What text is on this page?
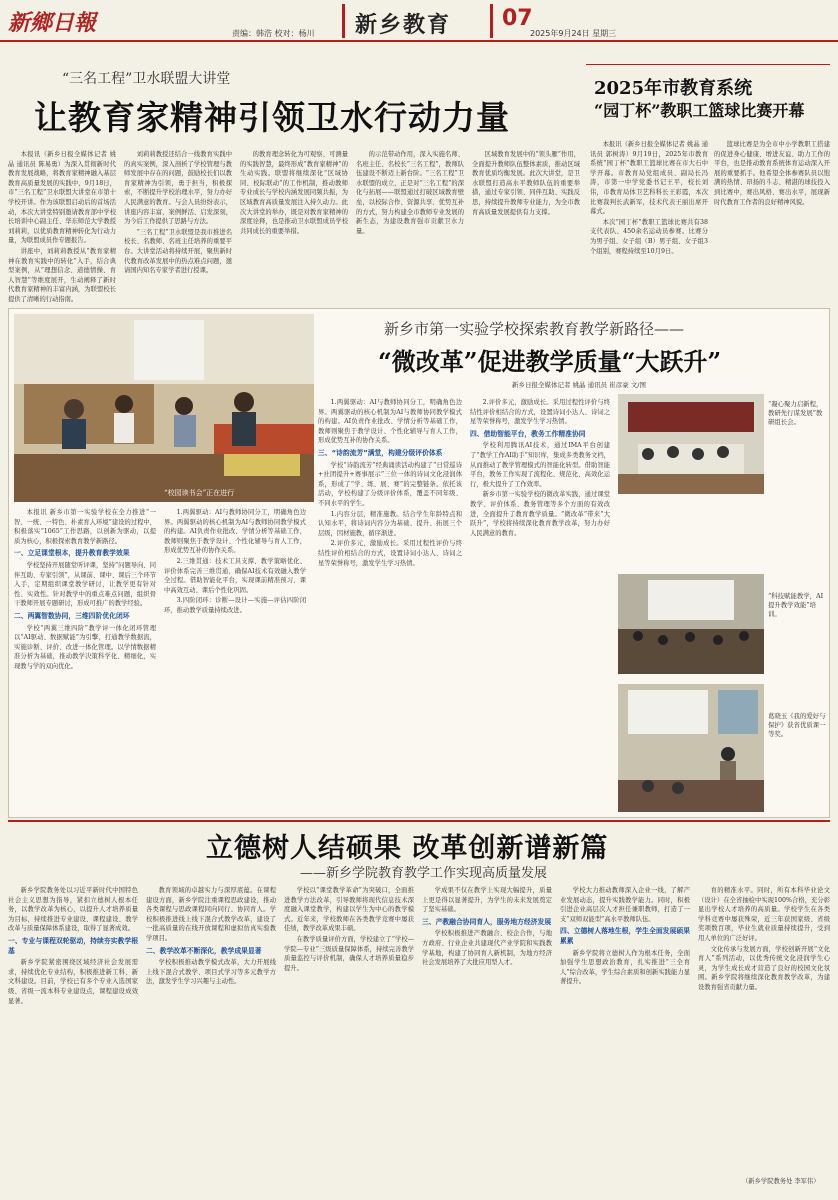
新鄉日報	责编：韩浩 校对：杨川 新乡教育 07
2025年9月24日 星期三
“三名工程”卫水联盟大讲堂
让教育家精神引领卫水行动力量

本报讯（新乡日报全媒体记者 姚晶 通讯员 陈易勇）为深入贯彻新时代教育发展战略，将教育家精神融入基层教育高质量发展的实践中，9月18日，市“三名工程”卫水联盟大讲堂在市第十学校开讲。作为该联盟启动后的首场活动，本次大讲堂特别邀请教育部中学校长培训中心副主任、华东师范大学教授刘莉莉，以优质教育精神转化为行动力量，为联盟成员作专题报告。

讲座中，刘莉莉教授从“教育家精神在教育实践中的转化”入手，结合典型案例，从“理想信念、道德情操、育人智慧”等维度展开，生动阐释了新时代教育家精神的丰富内涵，为联盟校长提供了清晰的行动指南。

刘莉莉教授还结合一线教育实践中的真实案例，深入剖析了学校管理与教师发展中存在的问题，鼓励校长们以教育家精神为引领，勇于担当，积极探索，不断提升学校治理水平，努力办好人民满意的教育。与会人员纷纷表示，讲座内容丰富、案例鲜活、启发深刻，为今后工作提供了思路与方法。

“三名工程”卫水联盟是我市推进名校长、名教师、名班主任培养的重要平台。大讲堂活动将持续开展，聚焦新时代教育改革发展中的热点难点问题，邀请国内知名专家学者进行授课。

的教育理念转化为可观察、可测量的实践智慧，最终形成“教育家精神”的生动实践。联盟将继续深化“区域协同、校际联动”的工作机制，推动教师专业成长与学校内涵发展同频共振，为区域教育高质量发展注入持久动力。此次大讲堂的举办，既是对教育家精神的深度诠释，也是推动卫水联盟成员学校共同成长的重要举措。

的示范带动作用，深入实施名师、名班主任、名校长“三名工程”，教师队伍建设不断迈上新台阶。“三名工程”卫水联盟的成立，正是对“三名工程”的深化与拓展——联盟通过打破区域教育壁垒，以校际合作、资源共享、优势互补的方式，努力构建全市教师专业发展的新生态，为建设教育强市贡献卫水力量。

区域教育发展中的“领头雁”作用，全面提升教师队伍整体素质，推动区域教育优质均衡发展。此次大讲堂，是卫水联盟打造高水平教师队伍的重要举措，通过专家引领、同伴互助、实践反思，持续提升教师专业能力，为全市教育高质量发展提供有力支撑。

2025年市教育系统
“园丁杯”教职工篮球比赛开幕

本报讯（新乡日报全媒体记者 姚晶 通讯员 郭树涛）9月19日，2025年市教育系统“园丁杯”教职工篮球比赛在市大石中学开幕。市教育局党组成员、副局长冯涛，市第一中学党委书记王平，校长刘伟，市教育局体卫艺科科长王彩霞，本次比赛裁判长武新军，技术代表王丽出席开幕式。

本次“园丁杯”教职工篮球比赛共有38支代表队、450余名运动员参赛。比赛分为男子组、女子组（B）男子组、女子组3个组别，赛程持续至10月9日。

篮球比赛是为全市中小学教职工搭建的促进身心健康、增进友谊、助力工作的平台，也是推动教育系统体育运动深入开展的重要抓手。他希望全体参赛队员以饱满的热情、昂扬的斗志、精湛的球技投入到比赛中，赛出风格、赛出水平，展现新时代教育工作者的良好精神风貌。

新乡市第一实验学校探索教育教学新路径——
“微改革”促进教学质量“大跃升”
新乡日报全媒体记者 姚晶 通讯员 崔彦豪 文/图
“校园读书会”正在进行

本报讯 新乡市第一实验学校在全力推进“一智、一统、一特色、朴素育人环境”建设的过程中，积极落实“1065”工作思路，以创新为驱动，以提质为核心，积极探索教育教学新路径。

一、立足课堂根本，提升教育教学效果

学校坚持开展随堂听评课，坚持“问题导向、同伴互助、专家引领”，从课前、课中、课后三个环节入手，定期组织课堂教学研讨，让教学更有针对性、实效性。针对教学中的重点难点问题，组织骨干教师开展专题研讨，形成可推广的教学经验。

二、两翼智数协同，三维四阶优化闭环

学校“两翼三维四阶”教学评一体化闭环管理以“AI驱动、数据赋能”为引擎，打通教学数据流，实施诊断、评价、改进一体化管理。以学情数据精准分析为基础，推动教学决策科学化、精细化，实现教与学的双向优化。

1.两翼驱动：AI与教师协同分工，明确角色边界。两翼驱动的核心机制为AI与教师协同教学模式的构建。AI负责作业批改、学情分析等基础工作，教师则聚焦于教学设计、个性化辅导与育人工作，形成优势互补的协作关系。

2.三维贯通：技术工具支撑、教学策略优化、评价体系完善三维贯通，确保AI技术有效融入教学全过程。借助智能化平台，实现课前精准预习、课中高效互动、课后个性化巩固。

3.四阶闭环：诊断—设计—实施—评估四阶闭环，推动教学质量持续改进。

1.两翼驱动：AI与教师协同分工，明确角色边界。两翼驱动的核心机制为AI与教师协同教学模式的构建。AI负责作业批改、学情分析等基础工作，教师则聚焦于教学设计、个性化辅导与育人工作，形成优势互补的协作关系。

三、“诗韵流芳”满堂，构建分级评价体系

学校“诗韵流芳”经典诵读活动构建了“日常巡诗+社团提升+赛事展示”三位一体的诗词文化浸润体系，形成了“学、练、展、赛”的完整链条。依托该活动，学校构建了分级评价体系，覆盖不同年级、不同水平的学生。

1.内容分层，精准施教。结合学生年龄特点和认知水平，将诗词内容分为基础、提升、拓展三个层级，因材施教，循序渐进。

2.评价多元，激励成长。采用过程性评价与终结性评价相结合的方式，设置诗词小达人、诗词之星等荣誉称号，激发学生学习热情。

2.评价多元，激励成长。采用过程性评价与终结性评价相结合的方式，设置诗词小达人、诗词之星等荣誉称号，激发学生学习热情。

四、借助智能平台，教务工作精准协同

学校利用腾讯AI技术，通过IMA平台创建了“教学工作AI助手”知识库，集成多类教务文档，从而推动了教学管理模式的智能化转型。借助智能平台，教务工作实现了流程化、规范化、高效化运行，极大提升了工作效率。

新乡市第一实验学校的微改革实践，通过课堂教学、评价体系、教务管理等多个方面的有效改进，全面提升了教育教学质量。“微改革”带来“大跃升”，学校将持续深化教育教学改革，努力办好人民满意的教育。

“凝心聚力启新程，教研先行谋发展”教研组长会。
“科技赋能教学，AI提升教学效能”培训。
葛晓玉《我的爱好与保护》获省优质课一等奖。
立德树人结硕果 改革创新谱新篇
——新乡学院教育教学工作实现高质量发展

新乡学院教务处以习近平新时代中国特色社会主义思想为指导，紧扣立德树人根本任务，以教学改革为核心，以提升人才培养质量为目标，持续推进专业建设、课程建设、教学改革与质量保障体系建设，取得了显著成效。

一、专业与课程双轮驱动，持续夯实教学根基

新乡学院紧密围绕区域经济社会发展需求，持续优化专业结构，积极推进新工科、新文科建设。目前，学校已有多个专业入选国家级、省级一流本科专业建设点，课程建设成效显著。

教育领域的卓越实力与深厚底蕴。在课程建设方面，新乡学院注重课程思政建设，推动各类课程与思政课程同向同行、协同育人。学校积极推进线上线下混合式教学改革，建设了一批高质量的在线开放课程和虚拟仿真实验教学项目。

二、教学改革不断深化，教学成果显著

学校积极推动教学模式改革，大力开展线上线下混合式教学、项目式学习等多元教学方法，激发学生学习兴趣与主动性。

学校以“课堂教学革命”为突破口，全面推进教学方法改革，引导教师将现代信息技术深度融入课堂教学，构建以学生为中心的教学模式。近年来，学校教师在各类教学竞赛中屡获佳绩，教学改革成果丰硕。

在教学质量评价方面，学校建立了“学校—学院—专业”三级质量保障体系，持续完善教学质量监控与评价机制，确保人才培养质量稳步提升。

学成果不仅在教学上实现大幅提升，质量上更是得以显著提升，为学生的未来发展奠定了坚实基础。

三、产教融合协同育人，服务地方经济发展

学校积极推进产教融合、校企合作，与地方政府、行业企业共建现代产业学院和实践教学基地，构建了协同育人新机制，为地方经济社会发展培养了大批应用型人才。

学校大力推动教师深入企业一线，了解产业发展动态，提升实践教学能力。同时，积极引进企业高层次人才担任兼职教师，打造了一支“双师双能型”高水平教师队伍。

四、立德树人落地生根，学生全面发展硕果累累

新乡学院将立德树人作为根本任务，全面加强学生思想政治教育，扎实推进“三全育人”综合改革，学生综合素质和创新实践能力显著提升。

育的精准水平。同时，所有本科毕业论文（设计）在全省抽检中实现100%合格，充分彰显出学校人才培养的高质量。学校学生在各类学科竞赛中屡获殊荣，近三年获国家级、省级奖项数百项，毕业生就业质量持续提升，受到用人单位的广泛好评。

文化传承与发展方面，学校创新开展“文化育人”系列活动，以优秀传统文化浸润学生心灵，为学生成长成才营造了良好的校园文化氛围。新乡学院将继续深化教育教学改革，为建设教育强省贡献力量。

（新乡学院教务处 李军伟）
